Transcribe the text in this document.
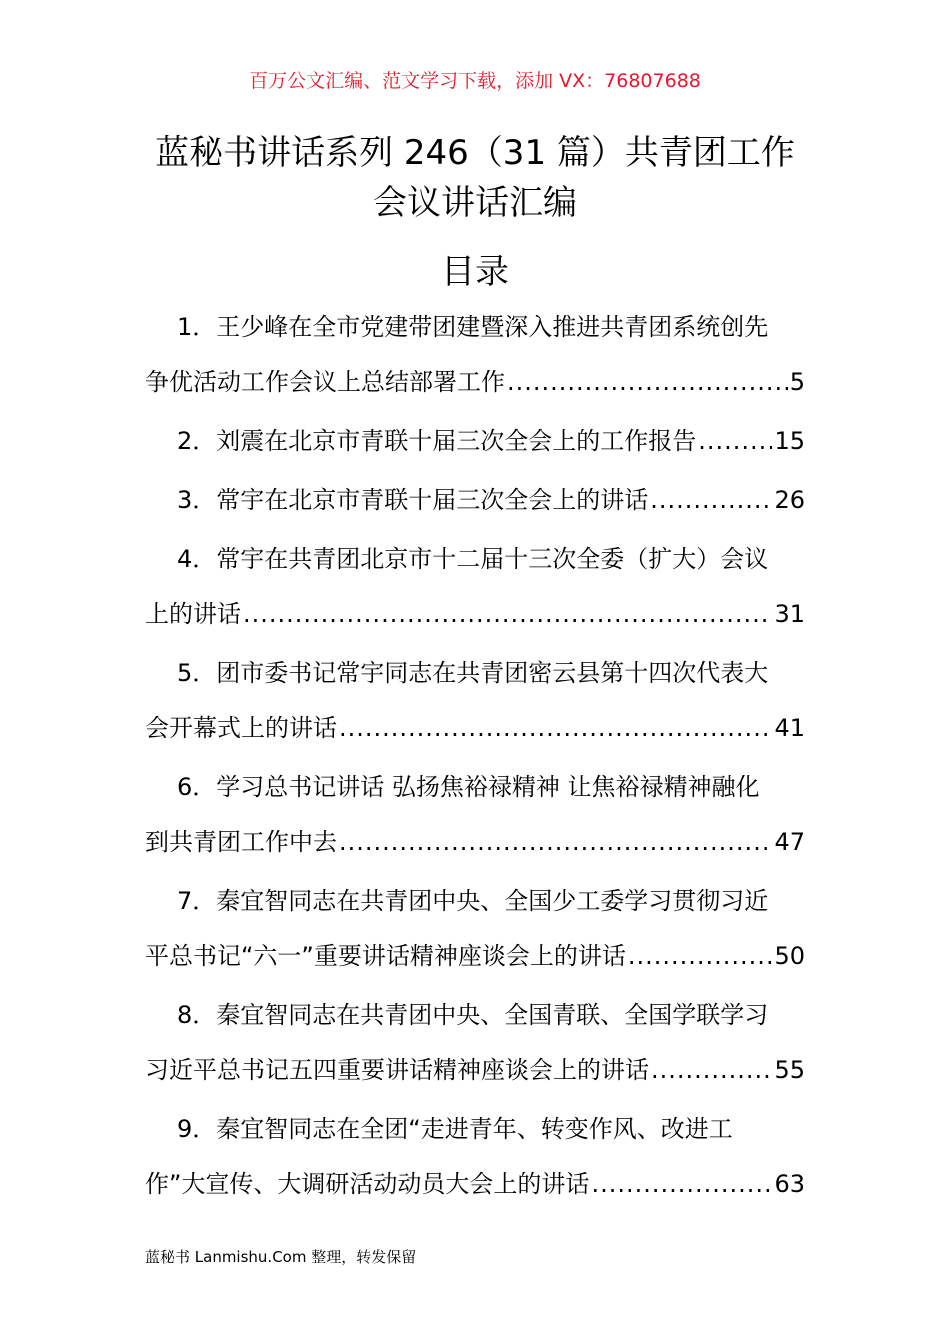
百万公文汇编、范文学习下载，添加 VX：76807688
蓝秘书讲话系列 246（31 篇）共青团工作
会议讲话汇编
目录
1．王少峰在全市党建带团建暨深入推进共青团系统创先
争优活动工作会议上总结部署工作 .....	5
2．刘震在北京市青联十届三次全会上的工作报告 .....	15
3．常宇在北京市青联十届三次全会上的讲话 .....	26
4．常宇在共青团北京市十二届十三次全委（扩大）会议
上的讲话 .....	31
5．团市委书记常宇同志在共青团密云县第十四次代表大
会开幕式上的讲话 .....	41
6．学习总书记讲话 弘扬焦裕禄精神 让焦裕禄精神融化
到共青团工作中去 .....	47
7．秦宜智同志在共青团中央、全国少工委学习贯彻习近
平总书记“六一”重要讲话精神座谈会上的讲话 .....	50
8．秦宜智同志在共青团中央、全国青联、全国学联学习
习近平总书记五四重要讲话精神座谈会上的讲话 .....	55
9．秦宜智同志在全团“走进青年、转变作风、改进工
作”大宣传、大调研活动动员大会上的讲话 .....	63
蓝秘书 Lanmishu.Com 整理，转发保留
